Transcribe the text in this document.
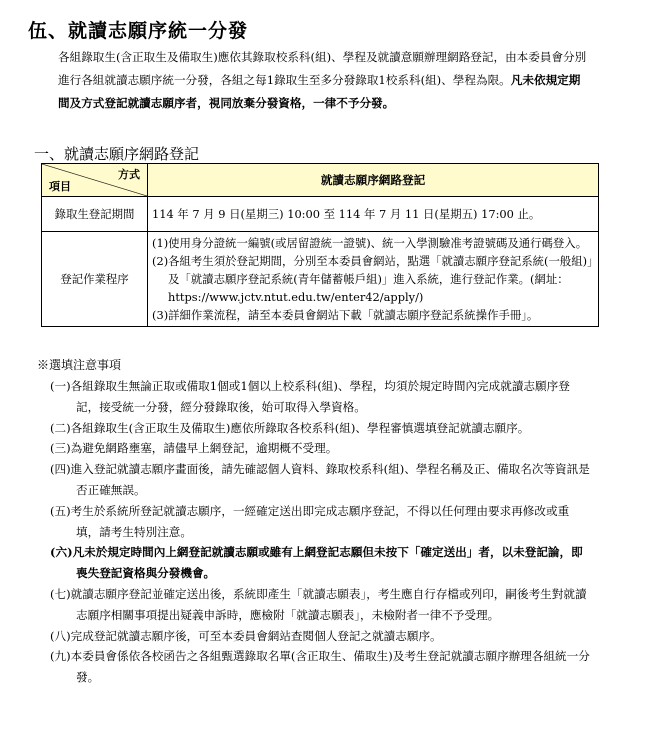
伍、就讀志願序統一分發
各組錄取生(含正取生及備取生)應依其錄取校系科(組)、學程及就讀意願辦理網路登記，由本委員會分別進行各組就讀志願序統一分發，各組之每1錄取生至多分發錄取1校系科(組)、學程為限。凡未依規定期間及方式登記就讀志願序者，視同放棄分發資格，一律不予分發。
一、就讀志願序網路登記
方式
項目	就讀志願序網路登記
錄取生登記期間	114 年 7 月 9 日(星期三) 10:00 至 114 年 7 月 11 日(星期五) 17:00 止。
登記作業程序	(1)使用身分證統一編號(或居留證統一證號)、統一入學測驗准考證號碼及通行碼登入。

(2)各組考生須於登記期間，分別至本委員會網站，點選「就讀志願序登記系統(一般組)」及「就讀志願序登記系統(青年儲蓄帳戶組)」進入系統，進行登記作業。(網址：https://www.jctv.ntut.edu.tw/enter42/apply/)

(3)詳細作業流程，請至本委員會網站下載「就讀志願序登記系統操作手冊」。

※選填注意事項

(一)各組錄取生無論正取或備取1個或1個以上校系科(組)、學程，均須於規定時間內完成就讀志願序登記，接受統一分發，經分發錄取後，始可取得入學資格。

(二)各組錄取生(含正取生及備取生)應依所錄取各校系科(組)、學程審慎選填登記就讀志願序。

(三)為避免網路壅塞，請儘早上網登記，逾期概不受理。

(四)進入登記就讀志願序畫面後，請先確認個人資料、錄取校系科(組)、學程名稱及正、備取名次等資訊是否正確無誤。

(五)考生於系統所登記就讀志願序，一經確定送出即完成志願序登記，不得以任何理由要求再修改或重填，請考生特別注意。

(六)凡未於規定時間內上網登記就讀志願或雖有上網登記志願但未按下「確定送出」者，以未登記論，即喪失登記資格與分發機會。

(七)就讀志願序登記並確定送出後，系統即產生「就讀志願表」，考生應自行存檔或列印，嗣後考生對就讀志願序相關事項提出疑義申訴時，應檢附「就讀志願表」，未檢附者一律不予受理。

(八)完成登記就讀志願序後，可至本委員會網站查閱個人登記之就讀志願序。

(九)本委員會係依各校函告之各組甄選錄取名單(含正取生、備取生)及考生登記就讀志願序辦理各組統一分發。
